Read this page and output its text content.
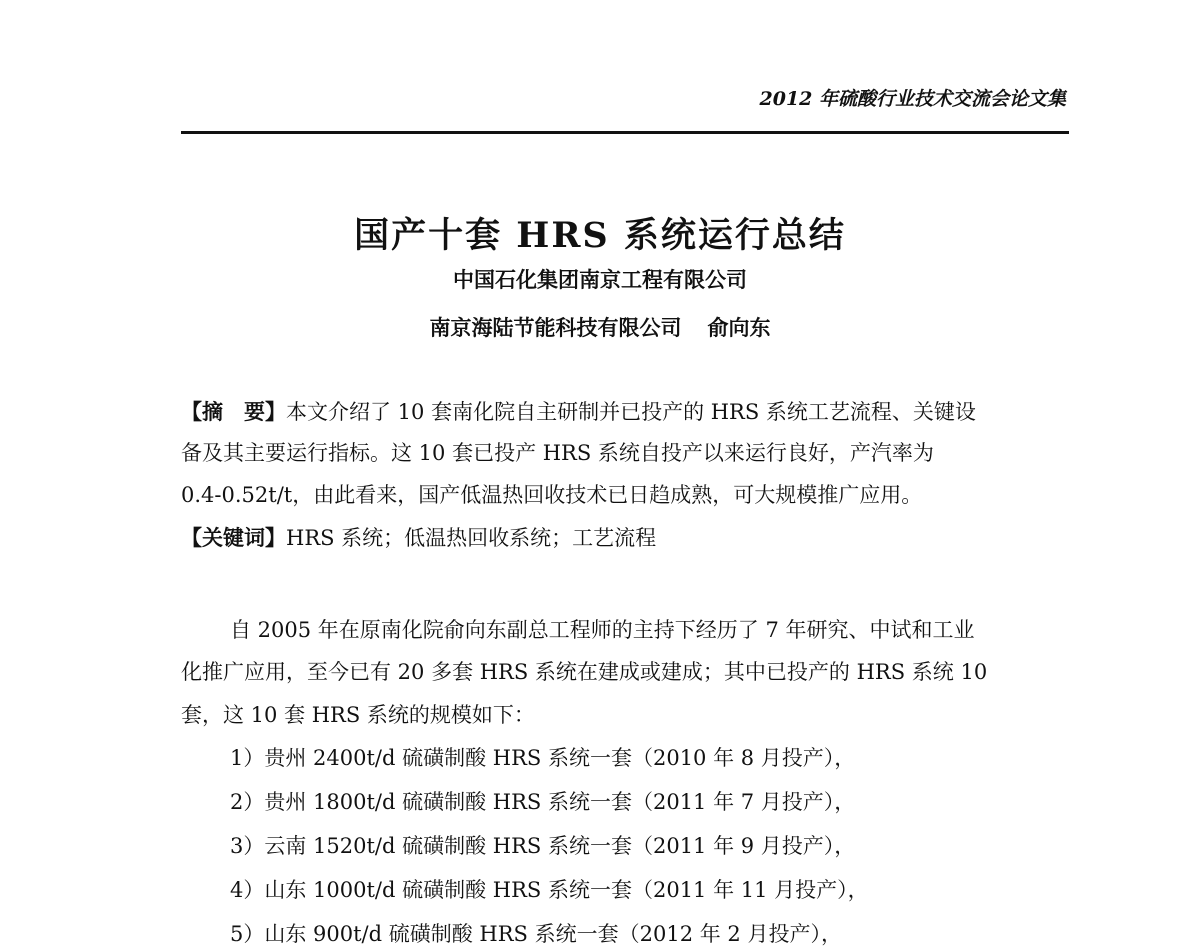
2012 年硫酸行业技术交流会论文集
国产十套 HRS 系统运行总结
中国石化集团南京工程有限公司
南京海陆节能科技有限公司 俞向东
【摘　要】本文介绍了 10 套南化院自主研制并已投产的 HRS 系统工艺流程、关键设
备及其主要运行指标。这 10 套已投产 HRS 系统自投产以来运行良好，产汽率为
0.4-0.52t/t，由此看来，国产低温热回收技术已日趋成熟，可大规模推广应用。
【关键词】HRS 系统；低温热回收系统；工艺流程
自 2005 年在原南化院俞向东副总工程师的主持下经历了 7 年研究、中试和工业
化推广应用，至今已有 20 多套 HRS 系统在建成或建成；其中已投产的 HRS 系统 10
套，这 10 套 HRS 系统的规模如下：
1）贵州 2400t/d 硫磺制酸 HRS 系统一套（2010 年 8 月投产），
2）贵州 1800t/d 硫磺制酸 HRS 系统一套（2011 年 7 月投产），
3）云南 1520t/d 硫磺制酸 HRS 系统一套（2011 年 9 月投产），
4）山东 1000t/d 硫磺制酸 HRS 系统一套（2011 年 11 月投产），
5）山东 900t/d 硫磺制酸 HRS 系统一套（2012 年 2 月投产），
